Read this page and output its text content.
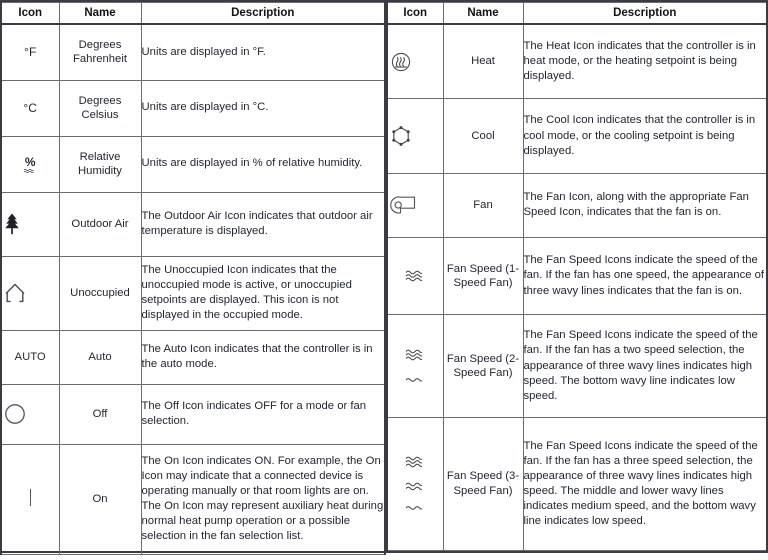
Icon	Name	Description
°F	Degrees Fahrenheit	Units are displayed in °F.
°C	Degrees Celsius	Units are displayed in °C.

%	Relative Humidity	Units are displayed in % of relative humidity.

	Outdoor Air	The Outdoor Air Icon indicates that outdoor air temperature is displayed.

	Unoccupied	The Unoccupied Icon indicates that the unoccupied mode is active, or unoccupied setpoints are displayed. This icon is not displayed in the occupied mode.
AUTO	Auto	The Auto Icon indicates that the controller is in the auto mode.

	Off	The Off Icon indicates OFF for a mode or fan selection.
	On	The On Icon indicates ON. For example, the On Icon may indicate that a connected device is operating manually or that room lights are on. The On Icon may represent auxiliary heat during normal heat pump operation or a possible selection in the fan selection list.
Icon	Name	Description

	Heat	The Heat Icon indicates that the controller is in heat mode, or the heating setpoint is being displayed.

	Cool	The Cool Icon indicates that the controller is in cool mode, or the cooling setpoint is being displayed.

	Fan	The Fan Icon, along with the appropriate Fan Speed Icon, indicates that the fan is on.

	Fan Speed (1-Speed Fan)	The Fan Speed Icons indicate the speed of the fan. If the fan has one speed, the appearance of three wavy lines indicates that the fan is on.

	Fan Speed (2-Speed Fan)	The Fan Speed Icons indicate the speed of the fan. If the fan has a two speed selection, the appearance of three wavy lines indicates high speed. The bottom wavy line indicates low speed.

	Fan Speed (3-Speed Fan)	The Fan Speed Icons indicate the speed of the fan. If the fan has a three speed selection, the appearance of three wavy lines indicates high speed. The middle and lower wavy lines indicates medium speed, and the bottom wavy line indicates low speed.
